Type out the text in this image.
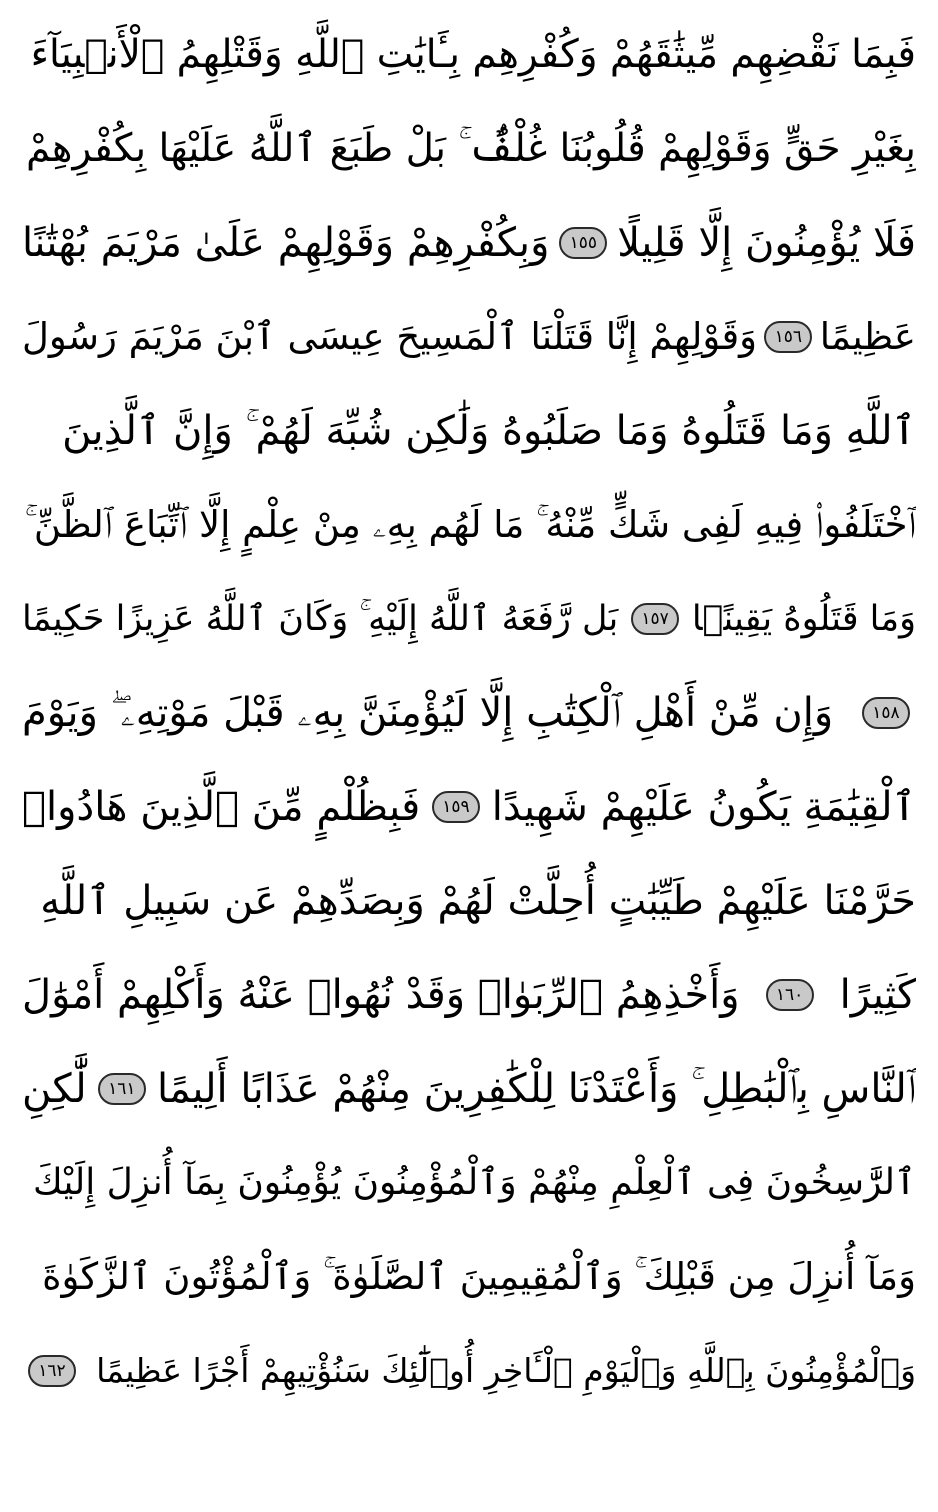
فَبِمَا نَقْضِهِم مِّيثَٰقَهُمْ وَكُفْرِهِم بِـَٔايَٰتِ ٱللَّهِ وَقَتْلِهِمُ ٱلْأَنۢبِيَآءَ
بِغَيْرِ حَقٍّ وَقَوْلِهِمْ قُلُوبُنَا غُلْفٌۢ ۚ بَلْ طَبَعَ ٱللَّهُ عَلَيْهَا بِكُفْرِهِمْ
فَلَا يُؤْمِنُونَ إِلَّا قَلِيلًا
١٥٥
وَبِكُفْرِهِمْ وَقَوْلِهِمْ عَلَىٰ مَرْيَمَ بُهْتَٰنًا
عَظِيمًا
١٥٦
وَقَوْلِهِمْ إِنَّا قَتَلْنَا ٱلْمَسِيحَ عِيسَى ٱبْنَ مَرْيَمَ رَسُولَ
ٱللَّهِ وَمَا قَتَلُوهُ وَمَا صَلَبُوهُ وَلَٰكِن شُبِّهَ لَهُمْ ۚ وَإِنَّ ٱلَّذِينَ
ٱخْتَلَفُوا۟ فِيهِ لَفِى شَكٍّ مِّنْهُ ۚ مَا لَهُم بِهِۦ مِنْ عِلْمٍ إِلَّا ٱتِّبَاعَ ٱلظَّنِّ ۚ
وَمَا قَتَلُوهُ يَقِينًۢا
١٥٧
بَل رَّفَعَهُ ٱللَّهُ إِلَيْهِ ۚ وَكَانَ ٱللَّهُ عَزِيزًا حَكِيمًا
١٥٨
وَإِن مِّنْ أَهْلِ ٱلْكِتَٰبِ إِلَّا لَيُؤْمِنَنَّ بِهِۦ قَبْلَ مَوْتِهِۦ ۖ وَيَوْمَ
ٱلْقِيَٰمَةِ يَكُونُ عَلَيْهِمْ شَهِيدًا
١٥٩
فَبِظُلْمٍ مِّنَ ٱلَّذِينَ هَادُوا۟
حَرَّمْنَا عَلَيْهِمْ طَيِّبَٰتٍ أُحِلَّتْ لَهُمْ وَبِصَدِّهِمْ عَن سَبِيلِ ٱللَّهِ
كَثِيرًا
١٦٠
وَأَخْذِهِمُ ٱلرِّبَوٰا۟ وَقَدْ نُهُوا۟ عَنْهُ وَأَكْلِهِمْ أَمْوَٰلَ
ٱلنَّاسِ بِٱلْبَٰطِلِ ۚ وَأَعْتَدْنَا لِلْكَٰفِرِينَ مِنْهُمْ عَذَابًا أَلِيمًا
١٦١
لَّٰكِنِ
ٱلرَّٰسِخُونَ فِى ٱلْعِلْمِ مِنْهُمْ وَٱلْمُؤْمِنُونَ يُؤْمِنُونَ بِمَآ أُنزِلَ إِلَيْكَ
وَمَآ أُنزِلَ مِن قَبْلِكَ ۚ وَٱلْمُقِيمِينَ ٱلصَّلَوٰةَ ۚ وَٱلْمُؤْتُونَ ٱلزَّكَوٰةَ
وَٱلْمُؤْمِنُونَ بِٱللَّهِ وَٱلْيَوْمِ ٱلْـَٔاخِرِ أُو۟لَٰٓئِكَ سَنُؤْتِيهِمْ أَجْرًا عَظِيمًا
١٦٢
